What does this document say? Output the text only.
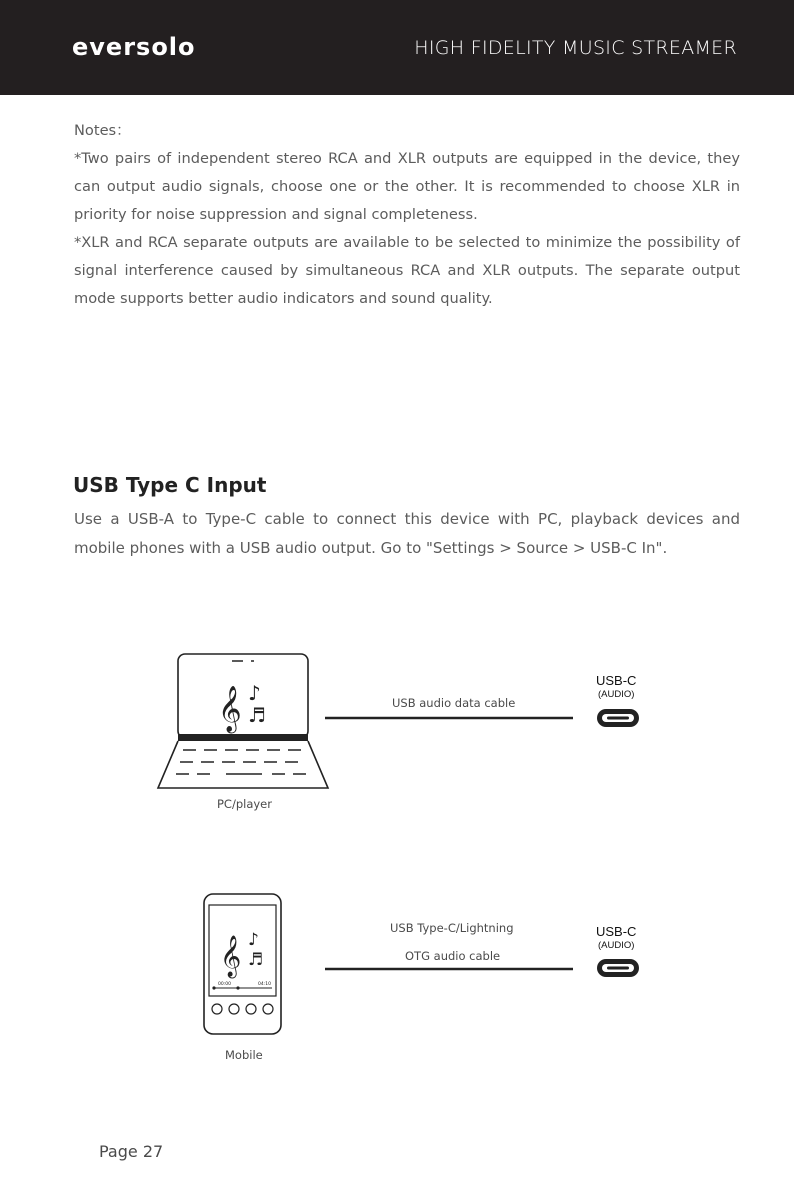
eversolo	HIGH FIDELITY MUSIC STREAMER

Notes：

*Two pairs of independent stereo RCA and XLR outputs are equipped in the device, they can output audio signals, choose one or the other. It is recommended to choose XLR in priority for noise suppression and signal completeness.

*XLR and RCA separate outputs are available to be selected to minimize the possibility of signal interference caused by simultaneous RCA and XLR outputs. The separate output mode supports better audio indicators and sound quality.

USB Type C Input
Use a USB-A to Type-C cable to connect this device with PC, playback devices and mobile phones with a USB audio output. Go to "Settings > Source > USB-C In".
𝄞 ♪
♬
𝄞 ♪
♬
00:00	04:10
USB audio data cable
USB-C
(AUDIO)
PC/player
USB Type-C/Lightning
OTG audio cable
USB-C
(AUDIO)
Mobile
Page 27
